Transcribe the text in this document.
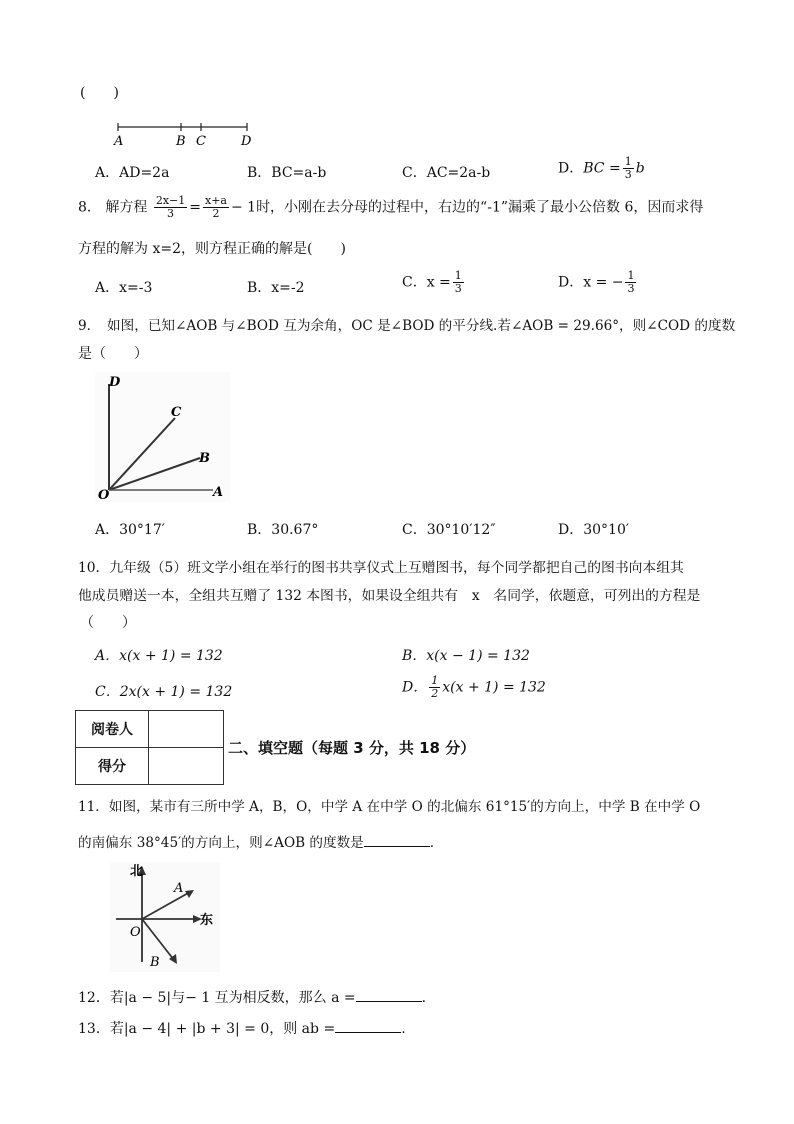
(　　)
A	B C	D
A．AD=2a	B．BC=a-b	C．AC=2a-b	D．BC = $\frac{1}{3}$ b
8． 解方程 $\frac{2x-1}{3} = \frac{x+a}{2} - 1$时，小刚在去分母的过程中，右边的“-1”漏乘了最小公倍数 6，因而求得
方程的解为 x=2，则方程正确的解是(　　)
A．x=-3	B．x=-2	C．$x = \frac{1}{3}$	D．x = − $\frac{1}{3}$
9．　如图，已知∠AOB 与∠BOD 互为余角，OC 是∠BOD 的平分线.若∠AOB = 29.66°，则∠COD 的度数
是（　　）
D
C
B
O	A
A．30°17′	B．30.67°	C．30°10′12″	D．30°10′
10．九年级（5）班文学小组在举行的图书共享仪式上互赠图书，每个同学都把自己的图书向本组其
他成员赠送一本，全组共互赠了 132 本图书，如果设全组共有　x　名同学，依题意，可列出的方程是
（　　）
A．x(x + 1) = 132	B．x(x − 1) = 132
C．2x(x + 1) = 132	D． $\frac{1}{2} x(x + 1) = 132$
阅卷人	
得分	
二、填空题（每题 3 分，共 18 分）
11．如图，某市有三所中学 A，B，O，中学 A 在中学 O 的北偏东 61°15′的方向上，中学 B 在中学 O
的南偏东 38°45′的方向上，则∠AOB 的度数是	.
北
东
A
O
B
12．若|a − 5|与− 1 互为相反数，那么 a =	.
13．若|a − 4| + |b + 3| = 0，则 ab =	.
